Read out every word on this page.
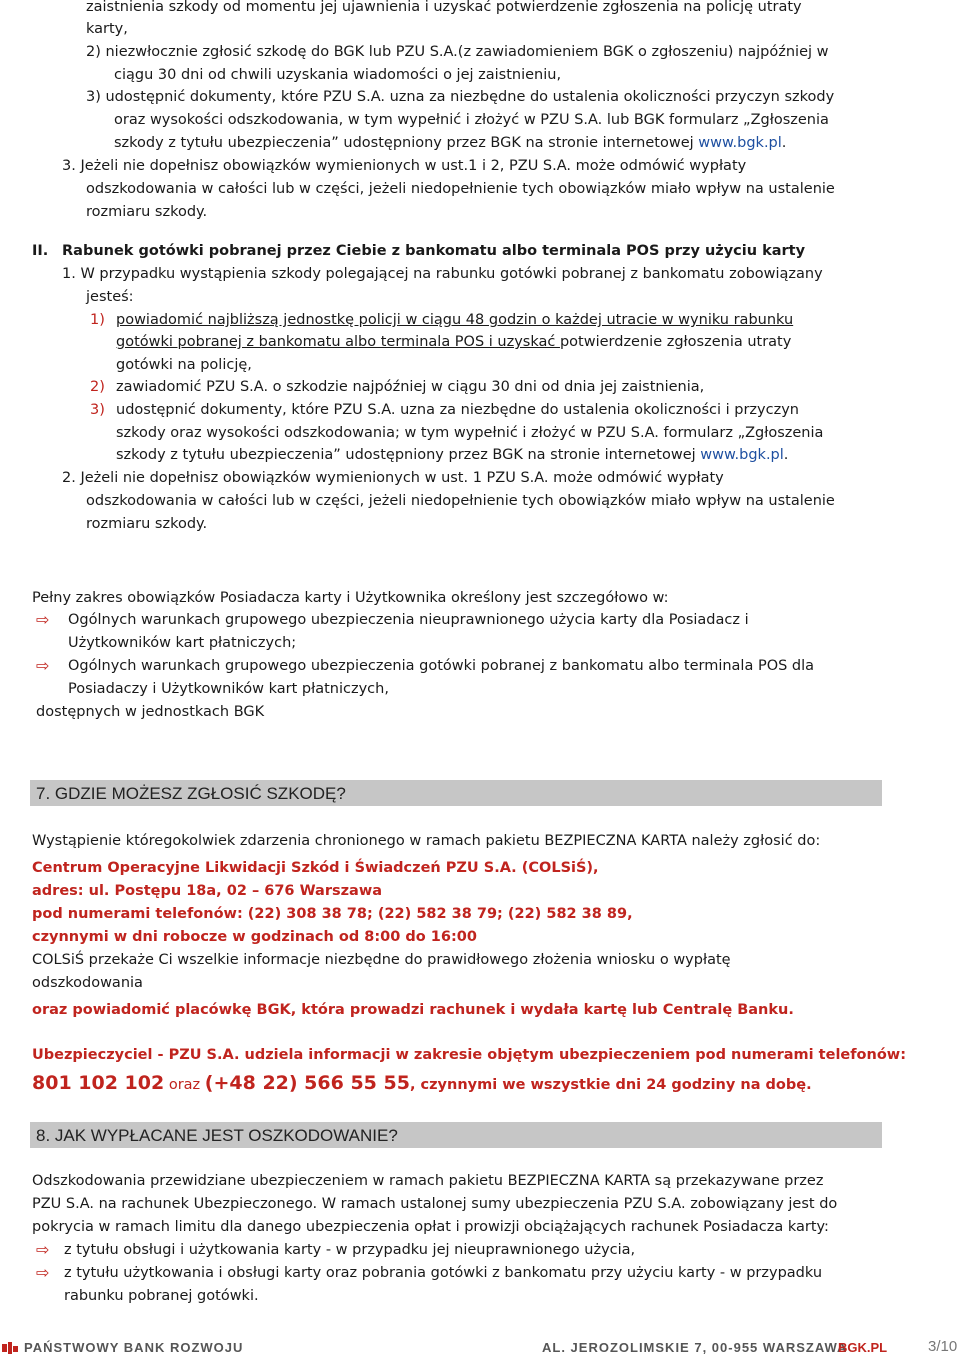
zaistnienia szkody od momentu jej ujawnienia i uzyskać potwierdzenie zgłoszenia na policję utraty
karty,
2) niezwłocznie zgłosić szkodę do BGK lub PZU S.A.(z zawiadomieniem BGK o zgłoszeniu) najpóźniej w
ciągu 30 dni od chwili uzyskania wiadomości o jej zaistnieniu,
3) udostępnić dokumenty, które PZU S.A. uzna za niezbędne do ustalenia okoliczności przyczyn szkody
oraz wysokości odszkodowania, w tym wypełnić i złożyć w PZU S.A. lub BGK formularz „Zgłoszenia
szkody z tytułu ubezpieczenia” udostępniony przez BGK na stronie internetowej www.bgk.pl.
3. Jeżeli nie dopełnisz obowiązków wymienionych w ust.1 i 2, PZU S.A. może odmówić wypłaty
odszkodowania w całości lub w części, jeżeli niedopełnienie tych obowiązków miało wpływ na ustalenie
rozmiaru szkody.
II. Rabunek gotówki pobranej przez Ciebie z bankomatu albo terminala POS przy użyciu karty
1. W przypadku wystąpienia szkody polegającej na rabunku gotówki pobranej z bankomatu zobowiązany
jesteś:
1) powiadomić najbliższą jednostkę policji w ciągu 48 godzin o każdej utracie w wyniku rabunku
gotówki pobranej z bankomatu albo terminala POS i uzyskać potwierdzenie zgłoszenia utraty
gotówki na policję,
2) zawiadomić PZU S.A. o szkodzie najpóźniej w ciągu 30 dni od dnia jej zaistnienia,
3) udostępnić dokumenty, które PZU S.A. uzna za niezbędne do ustalenia okoliczności i przyczyn
szkody oraz wysokości odszkodowania; w tym wypełnić i złożyć w PZU S.A. formularz „Zgłoszenia
szkody z tytułu ubezpieczenia” udostępniony przez BGK na stronie internetowej www.bgk.pl.
2. Jeżeli nie dopełnisz obowiązków wymienionych w ust. 1 PZU S.A. może odmówić wypłaty
odszkodowania w całości lub w części, jeżeli niedopełnienie tych obowiązków miało wpływ na ustalenie
rozmiaru szkody.
Pełny zakres obowiązków Posiadacza karty i Użytkownika określony jest szczegółowo w:
⇨ Ogólnych warunkach grupowego ubezpieczenia nieuprawnionego użycia karty dla Posiadacz i
Użytkowników kart płatniczych;
⇨ Ogólnych warunkach grupowego ubezpieczenia gotówki pobranej z bankomatu albo terminala POS dla
Posiadaczy i Użytkowników kart płatniczych,
dostępnych w jednostkach BGK
7. GDZIE MOŻESZ ZGŁOSIĆ SZKODĘ?
Wystąpienie któregokolwiek zdarzenia chronionego w ramach pakietu BEZPIECZNA KARTA należy zgłosić do:
Centrum Operacyjne Likwidacji Szkód i Świadczeń PZU S.A. (COLSiŚ),
adres: ul. Postępu 18a, 02 – 676 Warszawa
pod numerami telefonów: (22) 308 38 78; (22) 582 38 79; (22) 582 38 89,
czynnymi w dni robocze w godzinach od 8:00 do 16:00
COLSiŚ przekaże Ci wszelkie informacje niezbędne do prawidłowego złożenia wniosku o wypłatę
odszkodowania
oraz powiadomić placówkę BGK, która prowadzi rachunek i wydała kartę lub Centralę Banku.
Ubezpieczyciel - PZU S.A. udziela informacji w zakresie objętym ubezpieczeniem pod numerami telefonów:
801 102 102 oraz (+48 22) 566 55 55, czynnymi we wszystkie dni 24 godziny na dobę.
8. JAK WYPŁACANE JEST OSZKODOWANIE?
Odszkodowania przewidziane ubezpieczeniem w ramach pakietu BEZPIECZNA KARTA są przekazywane przez
PZU S.A. na rachunek Ubezpieczonego. W ramach ustalonej sumy ubezpieczenia PZU S.A. zobowiązany jest do
pokrycia w ramach limitu dla danego ubezpieczenia opłat i prowizji obciążających rachunek Posiadacza karty:
⇨ z tytułu obsługi i użytkowania karty - w przypadku jej nieuprawnionego użycia,
⇨ z tytułu użytkowania i obsługi karty oraz pobrania gotówki z bankomatu przy użyciu karty - w przypadku
rabunku pobranej gotówki.
PAŃSTWOWY BANK ROZWOJU	AL. JEROZOLIMSKIE 7, 00-955 WARSZAWA
BGK.PL	3/10
